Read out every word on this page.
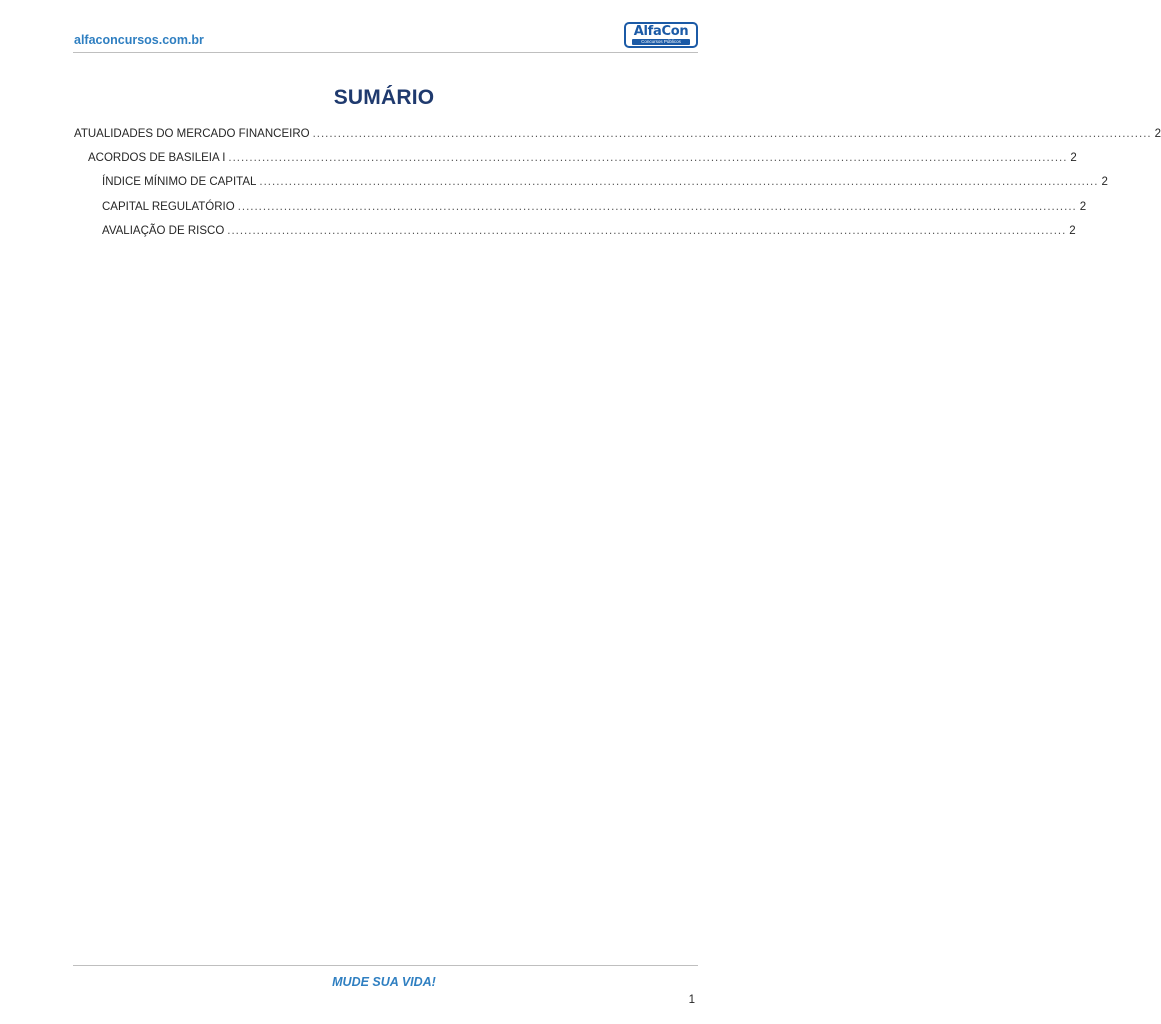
alfaconcursos.com.br
AlfaCon
Concursos Públicos
SUMÁRIO
ATUALIDADES DO MERCADO FINANCEIRO ........................................................................................................................................................................................................ 2
ACORDOS DE BASILEIA I ........................................................................................................................................................................................................ 2
ÍNDICE MÍNIMO DE CAPITAL ........................................................................................................................................................................................................ 2
CAPITAL REGULATÓRIO ........................................................................................................................................................................................................ 2
AVALIAÇÃO DE RISCO ........................................................................................................................................................................................................ 2
MUDE SUA VIDA!
1
